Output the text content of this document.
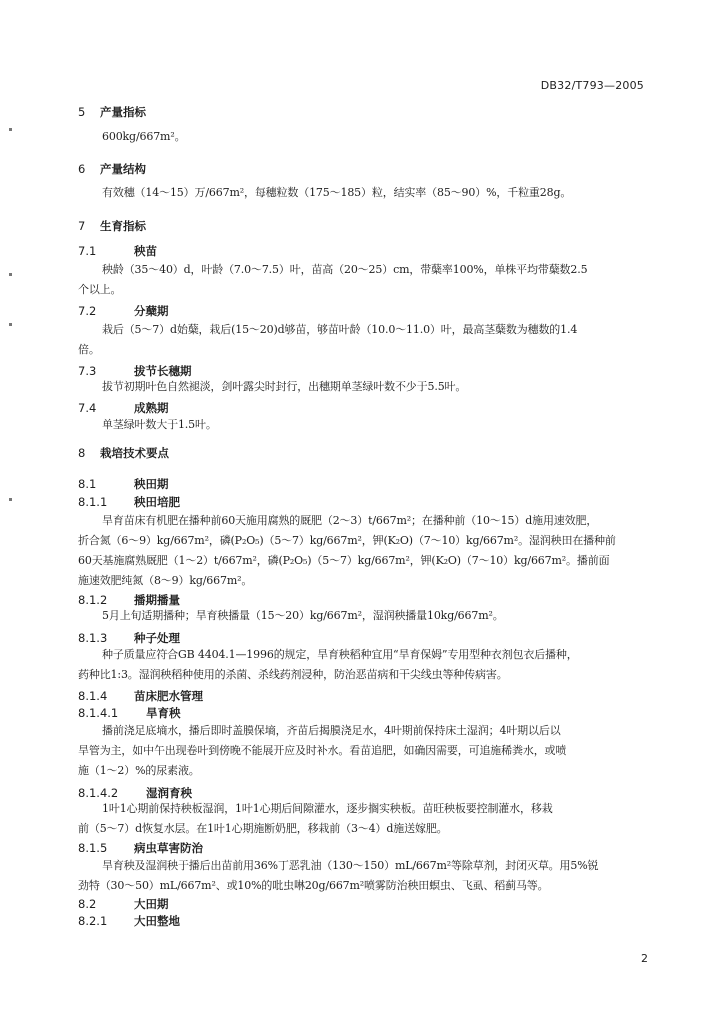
DB32/T793—2005
5 产量指标
600kg/667m²。
6 产量结构
有效穗（14～15）万/667m²，每穗粒数（175～185）粒，结实率（85～90）%，千粒重28g。
7 生育指标
7.1	秧苗
秧龄（35～40）d，叶龄（7.0～7.5）叶，苗高（20～25）cm，带蘖率100%，单株平均带蘖数2.5
个以上。
7.2	分蘖期
栽后（5～7）d始蘖，栽后(15～20)d够苗，够苗叶龄（10.0～11.0）叶，最高茎蘖数为穗数的1.4
倍。
7.3	拔节长穗期
拔节初期叶色自然褪淡，剑叶露尖时封行，出穗期单茎绿叶数不少于5.5叶。
7.4	成熟期
单茎绿叶数大于1.5叶。
8 栽培技术要点
8.1	秧田期
8.1.1 秧田培肥
旱育苗床有机肥在播种前60天施用腐熟的厩肥（2～3）t/667m²；在播种前（10～15）d施用速效肥，
折合氮（6～9）kg/667m²，磷(P₂O₅)（5～7）kg/667m²，钾(K₂O)（7～10）kg/667m²。湿润秧田在播种前
60天基施腐熟厩肥（1～2）t/667m²，磷(P₂O₅)（5～7）kg/667m²，钾(K₂O)（7～10）kg/667m²。播前面
施速效肥纯氮（8～9）kg/667m²。
8.1.2 播期播量
5月上旬适期播种；旱育秧播量（15～20）kg/667m²，湿润秧播量10kg/667m²。
8.1.3 种子处理
种子质量应符合GB 4404.1—1996的规定，旱育秧稻种宜用“旱育保姆”专用型种衣剂包衣后播种，
药种比1:3。湿润秧稻种使用的杀菌、杀线药剂浸种，防治恶苗病和干尖线虫等种传病害。
8.1.4 苗床肥水管理
8.1.4.1 旱育秧
播前浇足底墒水，播后即时盖膜保墒，齐苗后揭膜浇足水，4叶期前保持床土湿润；4叶期以后以
旱管为主，如中午出现卷叶到傍晚不能展开应及时补水。看苗追肥，如确因需要，可追施稀粪水，或喷
施（1～2）%的尿素液。
8.1.4.2 湿润育秧
1叶1心期前保持秧板湿润，1叶1心期后间隙灌水，逐步搁实秧板。苗旺秧板要控制灌水，移栽
前（5～7）d恢复水层。在1叶1心期施断奶肥，移栽前（3～4）d施送嫁肥。
8.1.5 病虫草害防治
旱育秧及湿润秧于播后出苗前用36%丁恶乳油（130～150）mL/667m²等除草剂，封闭灭草。用5%锐
劲特（30～50）mL/667m²、或10%的吡虫啉20g/667m²喷雾防治秧田螟虫、飞虱、稻蓟马等。
8.2	大田期
8.2.1 大田整地
2
